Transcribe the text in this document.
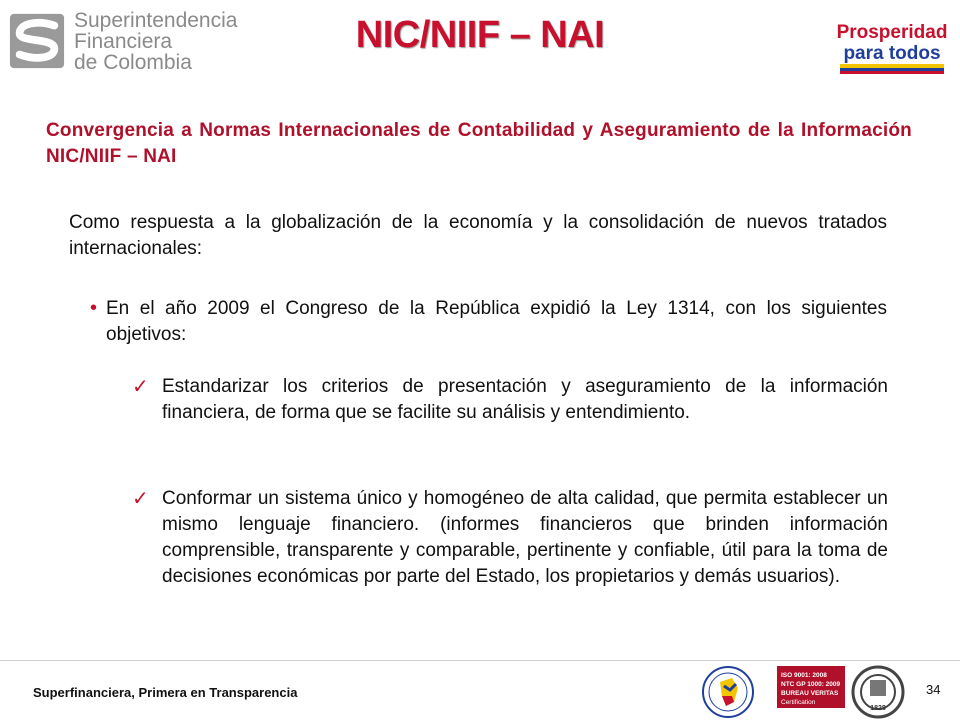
Superintendencia
Financiera
de Colombia
NIC/NIIF – NAI	Prosperidad
para todos
Convergencia a Normas Internacionales de Contabilidad y Aseguramiento de la Información NIC/NIIF – NAI
Como respuesta a la globalización de la economía y la consolidación de nuevos tratados internacionales:
• En el año 2009 el Congreso de la República expidió la Ley 1314, con los siguientes objetivos:
✓ Estandarizar los criterios de presentación y aseguramiento de la información financiera, de forma que se facilite su análisis y entendimiento.
✓ Conformar un sistema único y homogéneo de alta calidad, que permita establecer un mismo lenguaje financiero. (informes financieros que brinden información comprensible, transparente y comparable, pertinente y confiable, útil para la toma de decisiones económicas por parte del Estado, los propietarios y demás usuarios).
Superfinanciera, Primera en Transparencia
ISO 9001: 2008
NTC GP 1000: 2009
BUREAU VERITAS
Certification
1828
34
